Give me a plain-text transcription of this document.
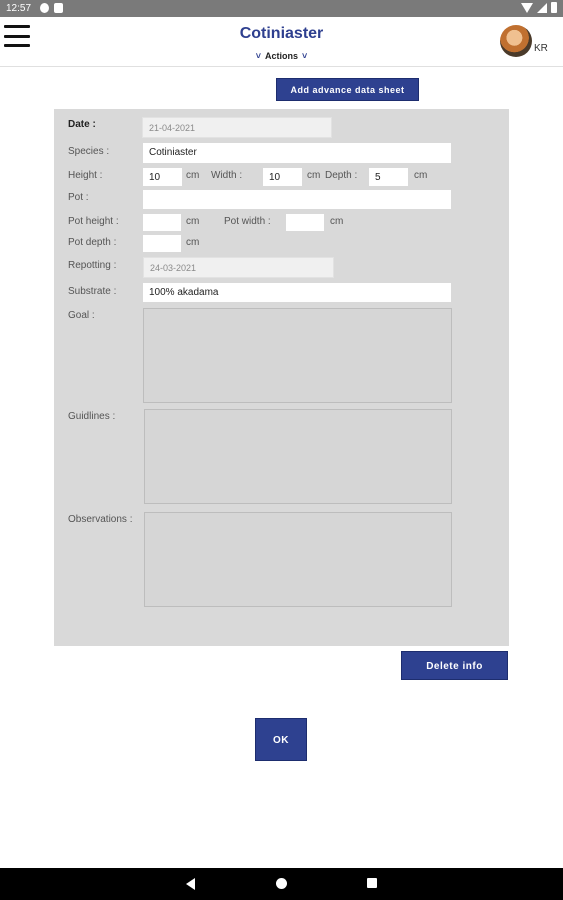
12:57
Cotiniaster
˅ Actions ˅
KR
Add advance data sheet
Date :	21-04-2021
Species :	Cotiniaster
Height :	10	cm Width :	10	cm Depth :	5	cm
Pot :
Pot height :	cm Pot width :	cm
Pot depth :	cm
Repotting :	24-03-2021
Substrate :	100% akadama
Goal :
Guidlines :
Observations :
Delete info
OK
